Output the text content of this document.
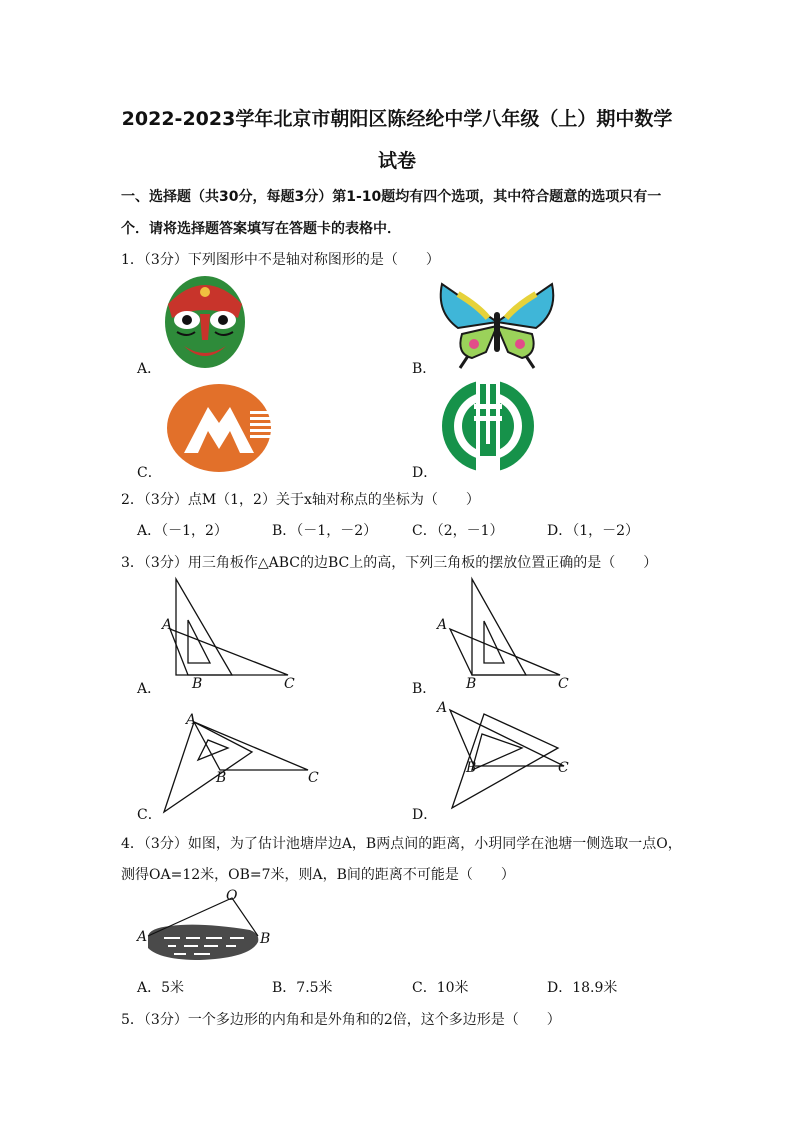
2022-2023学年北京市朝阳区陈经纶中学八年级（上）期中数学
试卷
一、选择题（共30分，每题3分）第1-10题均有四个选项，其中符合题意的选项只有一
个．请将选择题答案填写在答题卡的表格中．
1．（3分）下列图形中不是轴对称图形的是（　　）
A．	B．
C．	D．
2．（3分）点M（1，2）关于x轴对称点的坐标为（　　）
A．（－1，2）	B．（－1，－2） C．（2，－1）	D．（1，－2）
3．（3分）用三角板作△ABC的边BC上的高，下列三角板的摆放位置正确的是（　　）
A
B	C
A．
A
B	C
B．
A
B	C
C．
A
B	C
D．
4．（3分）如图，为了估计池塘岸边A，B两点间的距离，小玥同学在池塘一侧选取一点O，
测得OA=12米，OB=7米，则A，B间的距离不可能是（　　）
O
A	B
A．5米	B．7.5米	C．10米	D．18.9米
5．（3分）一个多边形的内角和是外角和的2倍，这个多边形是（　　）
